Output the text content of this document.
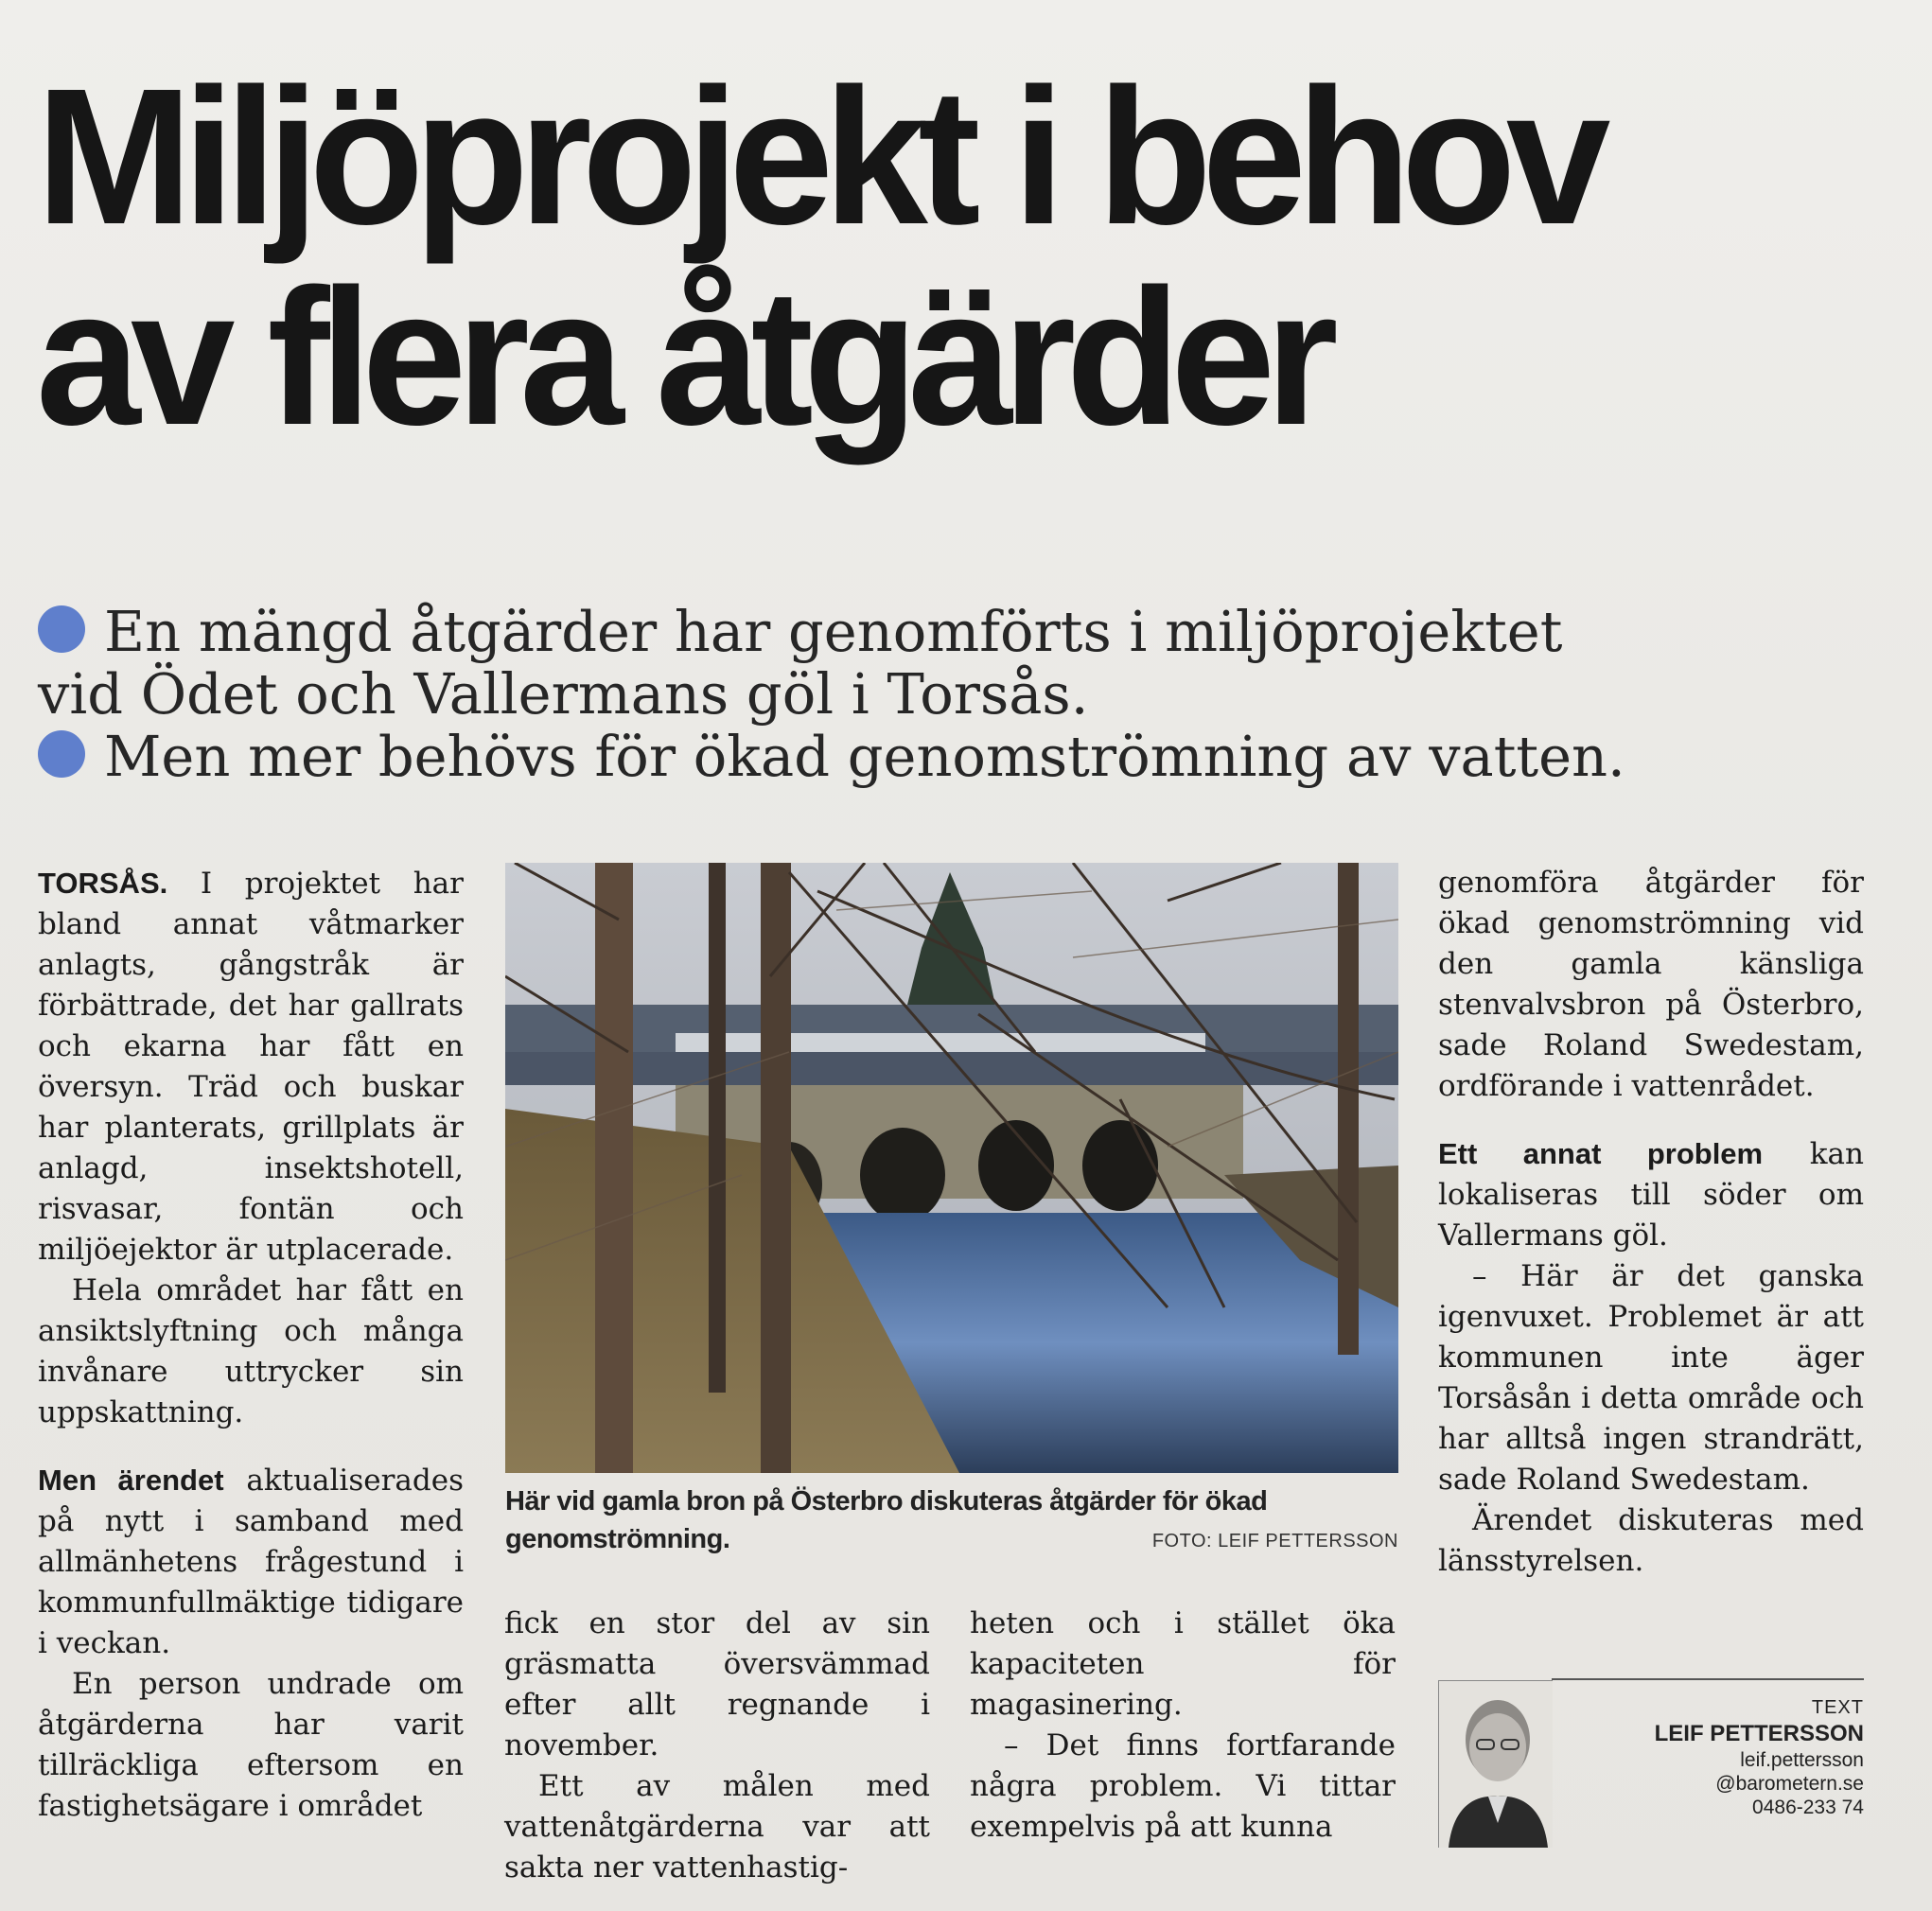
Miljöprojekt i behov
av flera åtgärder

En mängd åtgärder har genomförts i miljöprojektet vid Ödet och Vallermans göl i Torsås.

Men mer behövs för ökad genomströmning av vatten.

TORSÅS. I projektet har bland annat våtmarker anlagts, gångstråk är förbättrade, det har gallrats och ekarna har fått en översyn. Träd och buskar har planterats, grillplats är anlagd, insektshotell, risvasar, fontän och miljöejektor är utplacerade.

Hela området har fått en ansiktslyftning och många invånare uttrycker sin uppskattning.

Men ärendet aktualiserades på nytt i samband med allmänhetens frågestund i kommunfullmäktige tidigare i veckan.

En person undrade om åtgärderna har varit tillräckliga eftersom en fastighetsägare i området

Här vid gamla bron på Österbro diskuteras åtgärder för ökad genomströmning.	FOTO: LEIF PETTERSSON

fick en stor del av sin gräsmatta översvämmad efter allt regnande i november.

Ett av målen med vattenåtgärderna var att sakta ner vattenhastig-

heten och i stället öka kapaciteten för magasinering.

– Det finns fortfarande några problem. Vi tittar exempelvis på att kunna

genomföra åtgärder för ökad genomströmning vid den gamla känsliga stenvalvsbron på Österbro, sade Roland Swedestam, ordförande i vattenrådet.

Ett annat problem kan lokaliseras till söder om Vallermans göl.

– Här är det ganska igenvuxet. Problemet är att kommunen inte äger Torsåsån i detta område och har alltså ingen strandrätt, sade Roland Swedestam.

Ärendet diskuteras med länsstyrelsen.

TEXT
LEIF PETTERSSON
leif.pettersson
@barometern.se
0486-233 74
